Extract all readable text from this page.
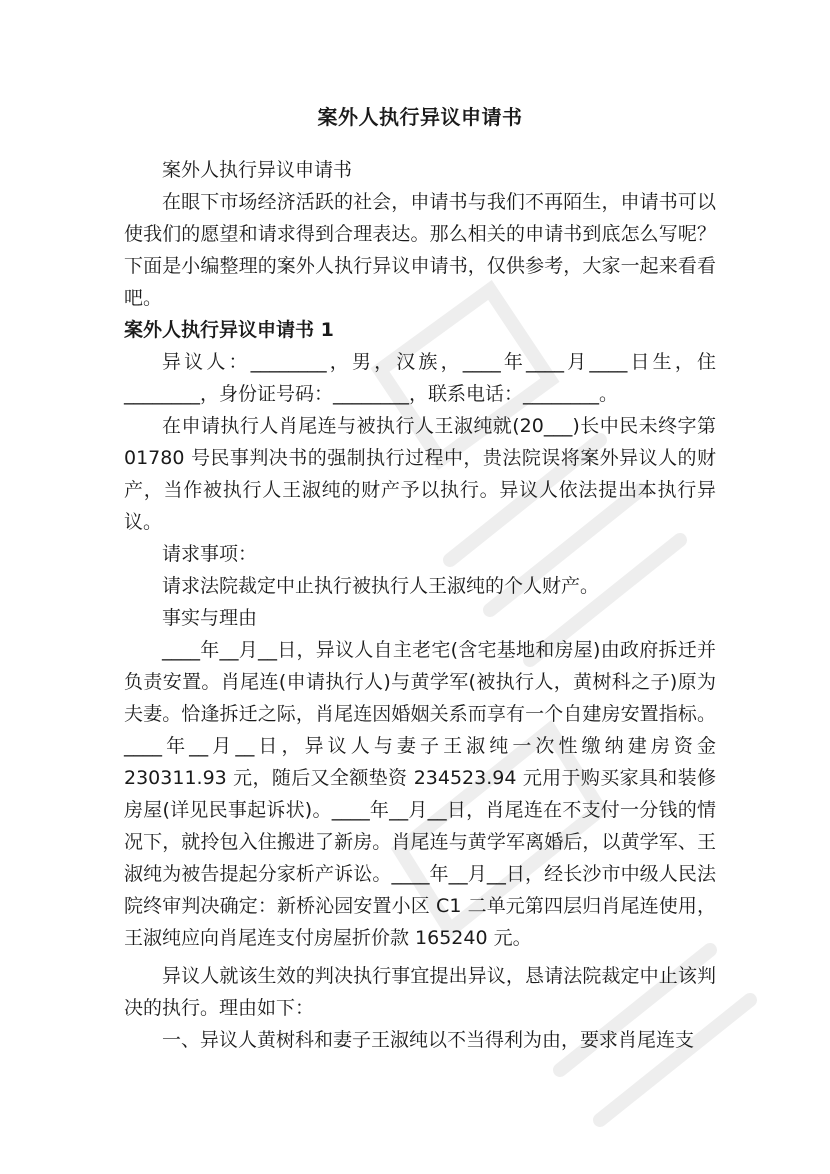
案外人执行异议申请书

案外人执行异议申请书

在眼下市场经济活跃的社会，申请书与我们不再陌生，申请书可以使我们的愿望和请求得到合理表达。那么相关的申请书到底怎么写呢？下面是小编整理的案外人执行异议申请书，仅供参考，大家一起来看看吧。

案外人执行异议申请书 1

异议人：________，男，汉族，____年____月____日生，住________，身份证号码：________，联系电话：________。

在申请执行人肖尾连与被执行人王淑纯就(20___)长中民未终字第 01780 号民事判决书的强制执行过程中，贵法院误将案外异议人的财产，当作被执行人王淑纯的财产予以执行。异议人依法提出本执行异议。

请求事项：

请求法院裁定中止执行被执行人王淑纯的个人财产。

事实与理由

____年__月__日，异议人自主老宅(含宅基地和房屋)由政府拆迁并负责安置。肖尾连(申请执行人)与黄学军(被执行人，黄树科之子)原为夫妻。恰逢拆迁之际，肖尾连因婚姻关系而享有一个自建房安置指标。____年__月__日，异议人与妻子王淑纯一次性缴纳建房资金 230311.93 元，随后又全额垫资 234523.94 元用于购买家具和装修房屋(详见民事起诉状)。____年__月__日，肖尾连在不支付一分钱的情况下，就拎包入住搬进了新房。肖尾连与黄学军离婚后，以黄学军、王淑纯为被告提起分家析产诉讼。____年__月__日，经长沙市中级人民法院终审判决确定：新桥沁园安置小区 C1 二单元第四层归肖尾连使用，王淑纯应向肖尾连支付房屋折价款 165240 元。

异议人就该生效的判决执行事宜提出异议，恳请法院裁定中止该判决的执行。理由如下：

一、异议人黄树科和妻子王淑纯以不当得利为由，要求肖尾连支
